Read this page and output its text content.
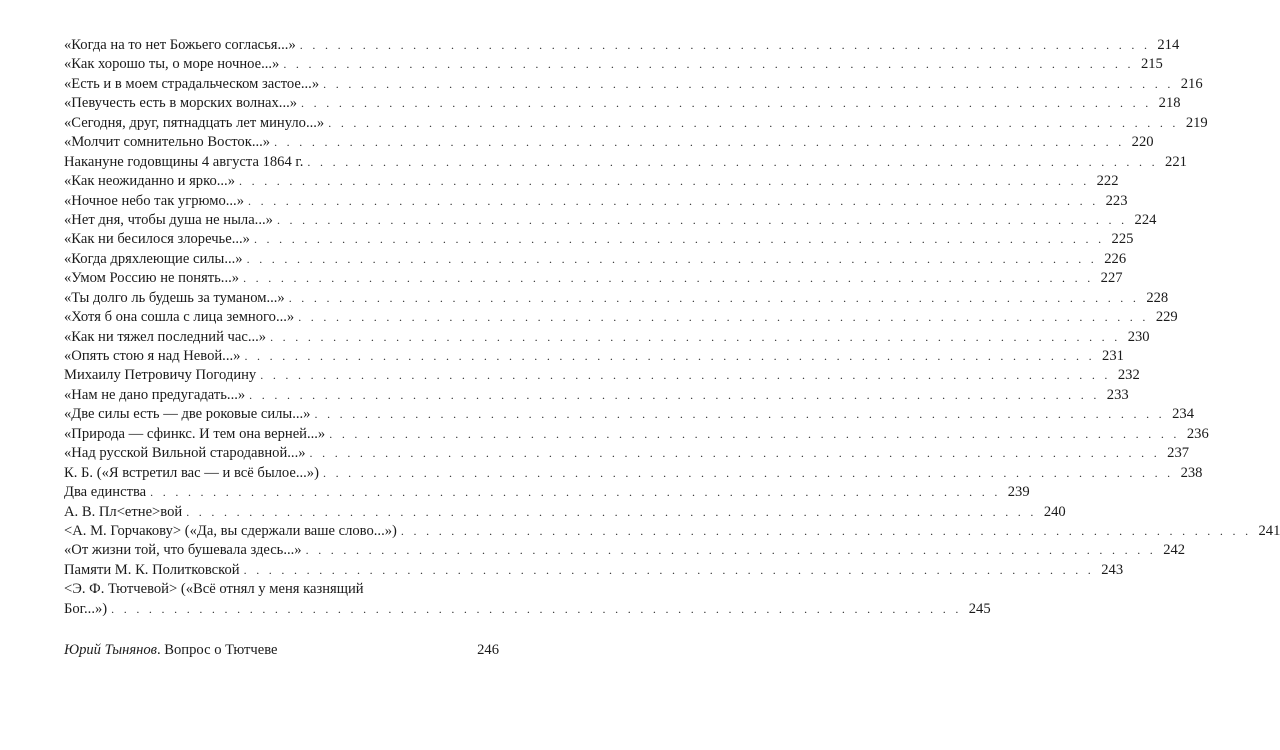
«Когда на то нет Божьего согласья...» . . .	214
«Как хорошо ты, о море ночное...» . . .	215
«Есть и в моем страдальческом застое...» . . .	216
«Певучесть есть в морских волнах...» . . .	218
«Сегодня, друг, пятнадцать лет минуло...» . . .	219
«Молчит сомнительно Восток...» . . .	220
Накануне годовщины 4 августа 1864 г. . . .	221
«Как неожиданно и ярко...» . . .	222
«Ночное небо так угрюмо...» . . .	223
«Нет дня, чтобы душа не ныла...» . . .	224
«Как ни бесилося злоречье...» . . .	225
«Когда дряхлеющие силы...» . . .	226
«Умом Россию не понять...» . . .	227
«Ты долго ль будешь за туманом...» . . .	228
«Хотя б она сошла с лица земного...» . . .	229
«Как ни тяжел последний час...» . . .	230
«Опять стою я над Невой...» . . .	231
Михаилу Петровичу Погодину . . .	232
«Нам не дано предугадать...» . . .	233
«Две силы есть — две роковые силы...» . . .	234
«Природа — сфинкс. И тем она верней...» . . .	236
«Над русской Вильной стародавной...» . . .	237
К. Б. («Я встретил вас — и всё былое...») . . .	238
Два единства . . .	239
А. В. Пл<етне>вой . . .	240
<А. М. Горчакову> («Да, вы сдержали ваше слово...») . . .	241
«От жизни той, что бушевала здесь...» . . .	242
Памяти М. К. Политковской . . .	243
<Э. Ф. Тютчевой> («Всё отнял у меня казнящий
Бог...») . . .	245
Юрий Тынянов. Вопрос о Тютчеве	246
